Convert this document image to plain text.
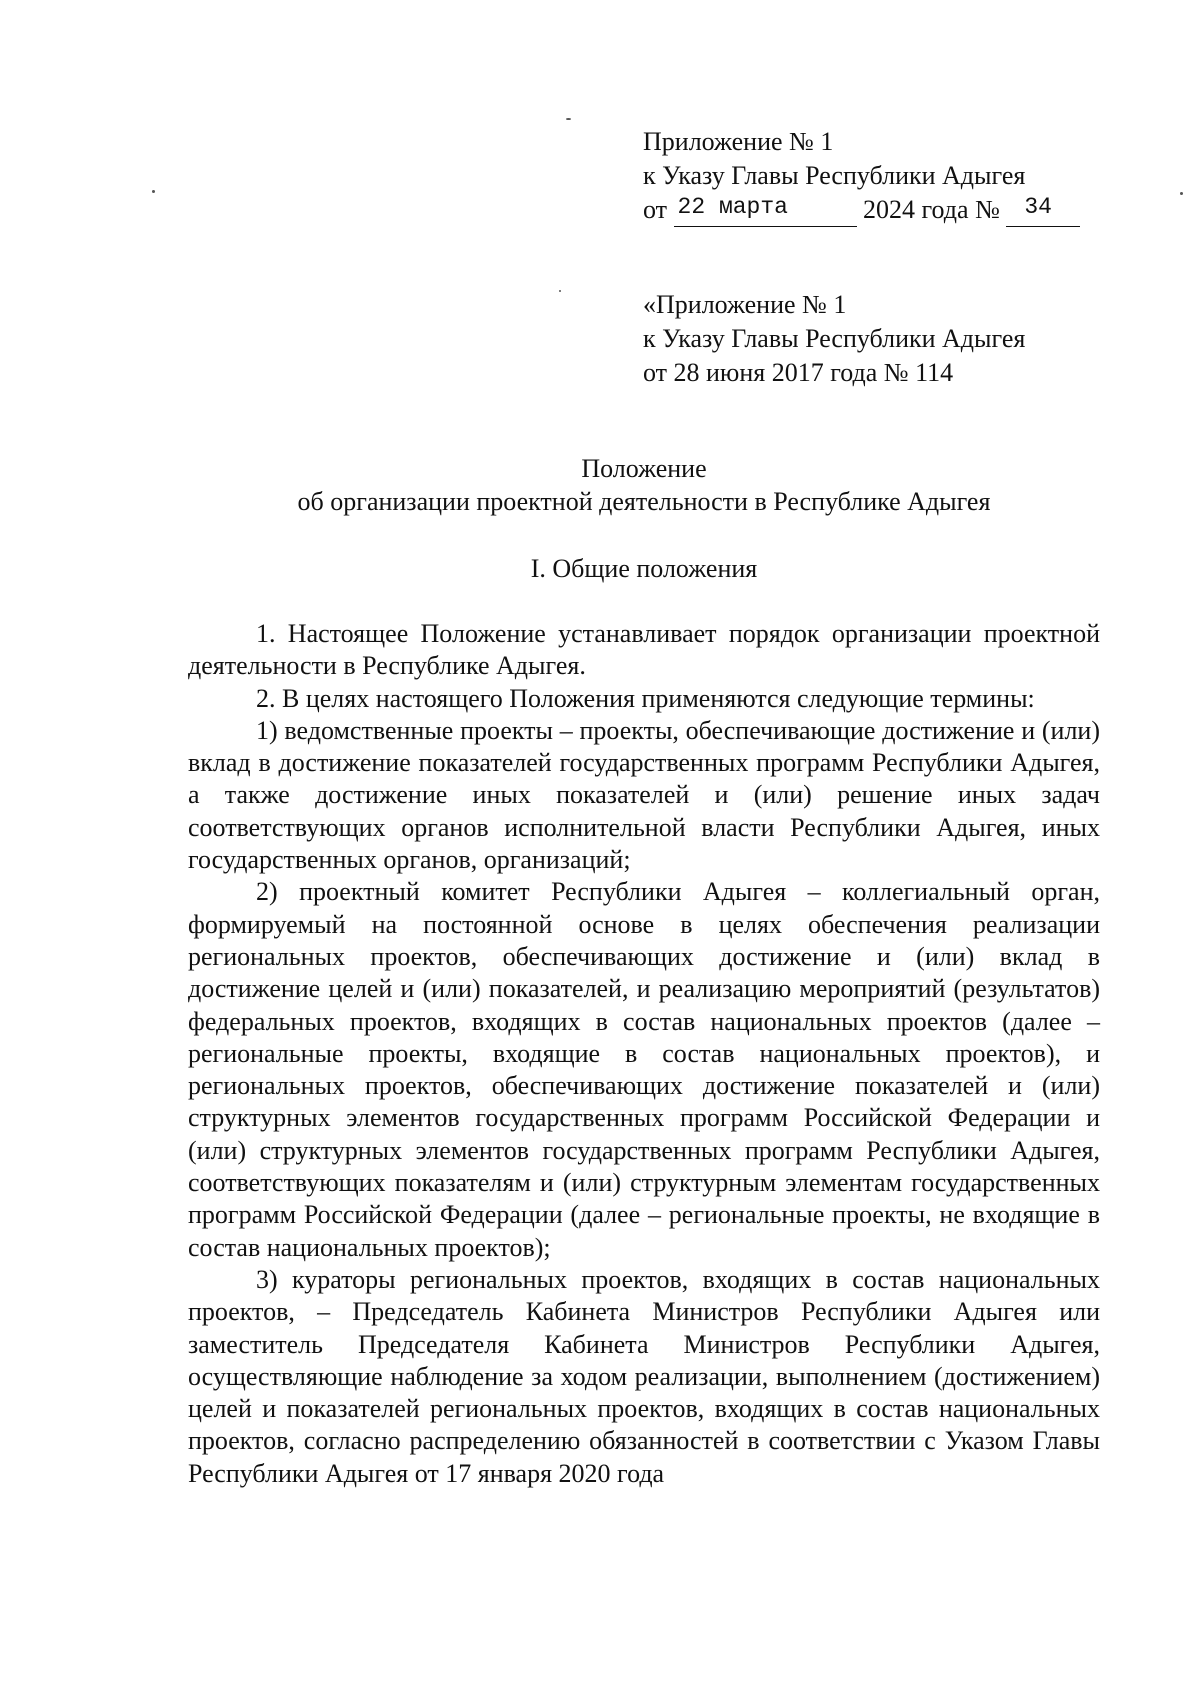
Приложение № 1
к Указу Главы Республики Адыгея
от 22 марта	2024 года № 34
«Приложение № 1
к Указу Главы Республики Адыгея
от 28 июня 2017 года № 114
Положение
об организации проектной деятельности в Республике Адыгея
I. Общие положения

1. Настоящее Положение устанавливает порядок организации проектной деятельности в Республике Адыгея.

2. В целях настоящего Положения применяются следующие термины:

1) ведомственные проекты – проекты, обеспечивающие достижение и (или) вклад в достижение показателей государственных программ Республики Адыгея, а также достижение иных показателей и (или) решение иных задач соответствующих органов исполнительной власти Республики Адыгея, иных государственных органов, организаций;

2) проектный комитет Республики Адыгея – коллегиальный орган, формируемый на постоянной основе в целях обеспечения реализации региональных проектов, обеспечивающих достижение и (или) вклад в достижение целей и (или) показателей, и реализацию мероприятий (результатов) федеральных проектов, входящих в состав национальных проектов (далее – региональные проекты, входящие в состав национальных проектов), и региональных проектов, обеспечивающих достижение показателей и (или) структурных элементов государственных программ Российской Федерации и (или) структурных элементов государственных программ Республики Адыгея, соответствующих показателям и (или) структурным элементам государственных программ Российской Федерации (далее – региональные проекты, не входящие в состав национальных проектов);

3) кураторы региональных проектов, входящих в состав национальных проектов, – Председатель Кабинета Министров Республики Адыгея или заместитель Председателя Кабинета Министров Республики Адыгея, осуществляющие наблюдение за ходом реализации, выполнением (достижением) целей и показателей региональных проектов, входящих в состав национальных проектов, согласно распределению обязанностей в соответствии с Указом Главы Республики Адыгея от 17 января 2020 года
